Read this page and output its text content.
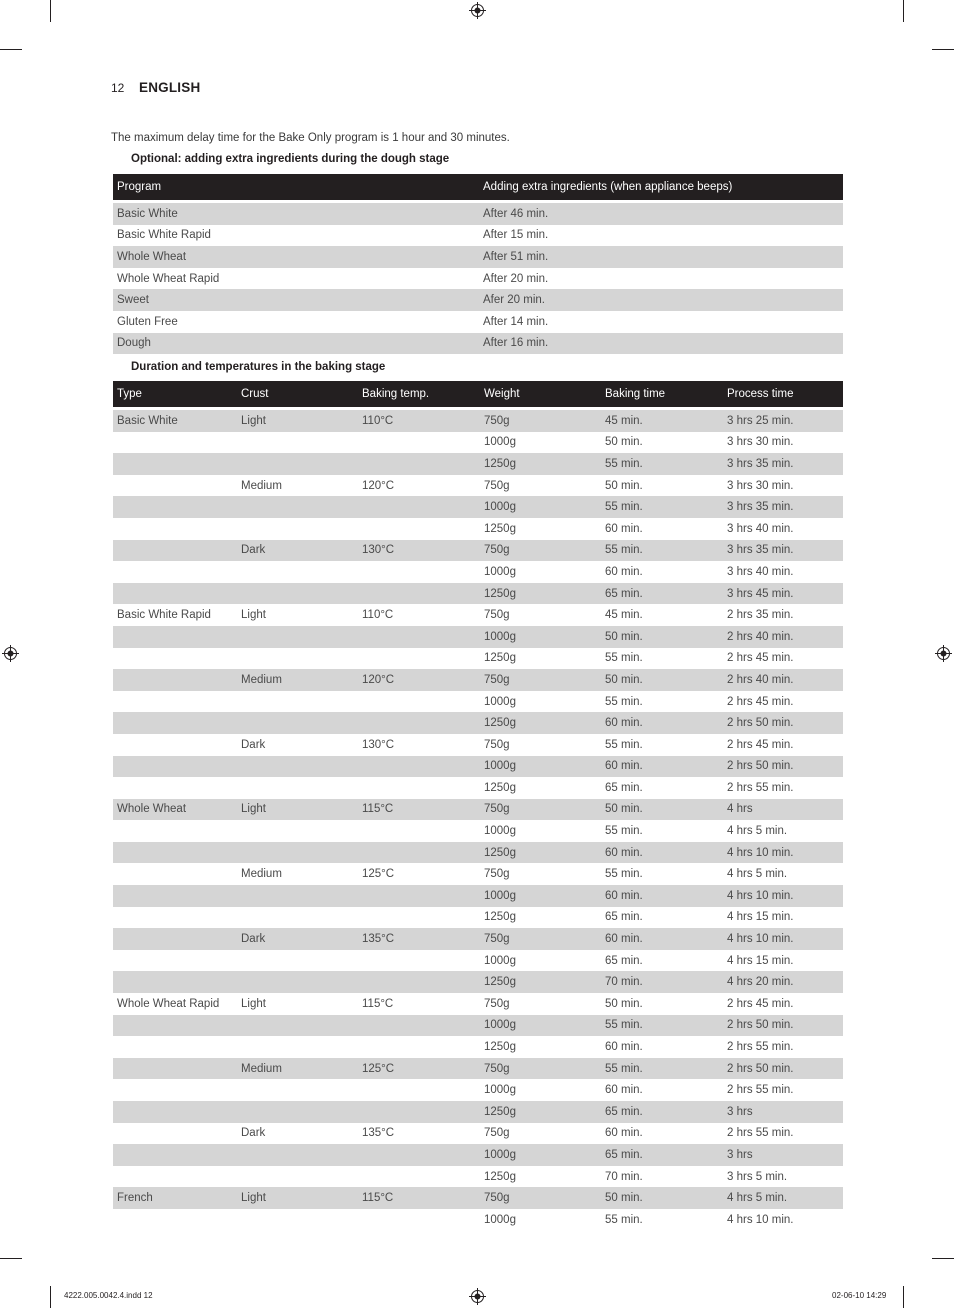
12 ENGLISH
The maximum delay time for the Bake Only program is 1 hour and 30 minutes.
Optional: adding extra ingredients during the dough stage
Program	Adding extra ingredients (when appliance beeps)

Basic White	After 46 min.
Basic White Rapid	After 15 min.
Whole Wheat	After 51 min.
Whole Wheat Rapid	After 20 min.
Sweet	Afer 20 min.
Gluten Free	After 14 min.
Dough	After 16 min.
Duration and temperatures in the baking stage
Type	Crust	Baking temp.	Weight	Baking time	Process time

Basic White	Light	110°C	750g	45 min.	3 hrs 25 min.
			1000g	50 min.	3 hrs 30 min.
			1250g	55 min.	3 hrs 35 min.
	Medium	120°C	750g	50 min.	3 hrs 30 min.
			1000g	55 min.	3 hrs 35 min.
			1250g	60 min.	3 hrs 40 min.
	Dark	130°C	750g	55 min.	3 hrs 35 min.
			1000g	60 min.	3 hrs 40 min.
			1250g	65 min.	3 hrs 45 min.
Basic White Rapid	Light	110°C	750g	45 min.	2 hrs 35 min.
			1000g	50 min.	2 hrs 40 min.
			1250g	55 min.	2 hrs 45 min.
	Medium	120°C	750g	50 min.	2 hrs 40 min.
			1000g	55 min.	2 hrs 45 min.
			1250g	60 min.	2 hrs 50 min.
	Dark	130°C	750g	55 min.	2 hrs 45 min.
			1000g	60 min.	2 hrs 50 min.
			1250g	65 min.	2 hrs 55 min.
Whole Wheat	Light	115°C	750g	50 min.	4 hrs
			1000g	55 min.	4 hrs 5 min.
			1250g	60 min.	4 hrs 10 min.
	Medium	125°C	750g	55 min.	4 hrs 5 min.
			1000g	60 min.	4 hrs 10 min.
			1250g	65 min.	4 hrs 15 min.
	Dark	135°C	750g	60 min.	4 hrs 10 min.
			1000g	65 min.	4 hrs 15 min.
			1250g	70 min.	4 hrs 20 min.
Whole Wheat Rapid	Light	115°C	750g	50 min.	2 hrs 45 min.
			1000g	55 min.	2 hrs 50 min.
			1250g	60 min.	2 hrs 55 min.
	Medium	125°C	750g	55 min.	2 hrs 50 min.
			1000g	60 min.	2 hrs 55 min.
			1250g	65 min.	3 hrs
	Dark	135°C	750g	60 min.	2 hrs 55 min.
			1000g	65 min.	3 hrs
			1250g	70 min.	3 hrs 5 min.
French	Light	115°C	750g	50 min.	4 hrs 5 min.
			1000g	55 min.	4 hrs 10 min.
4222.005.0042.4.indd 12	02-06-10 14:29
